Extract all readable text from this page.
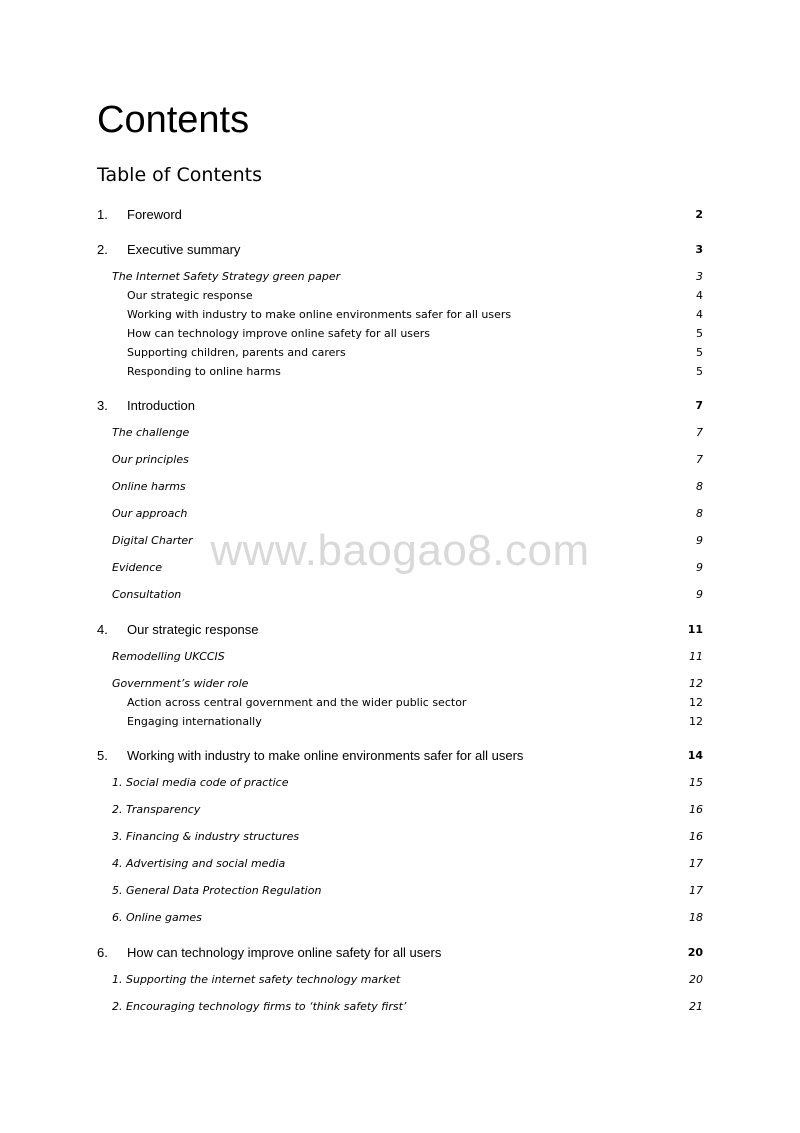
Contents
Table of Contents
1. Foreword	2
2. Executive summary	3
The Internet Safety Strategy green paper	3
Our strategic response	4
Working with industry to make online environments safer for all users	4
How can technology improve online safety for all users	5
Supporting children, parents and carers	5
Responding to online harms	5
3. Introduction	7
The challenge	7
Our principles	7
Online harms	8
Our approach	8
Digital Charter	9
Evidence	9
Consultation	9
4. Our strategic response	11
Remodelling UKCCIS	11
Government’s wider role	12
Action across central government and the wider public sector	12
Engaging internationally	12
5. Working with industry to make online environments safer for all users	14
1. Social media code of practice	15
2. Transparency	16
3. Financing & industry structures	16
4. Advertising and social media	17
5. General Data Protection Regulation	17
6. Online games	18
6. How can technology improve online safety for all users	20
1. Supporting the internet safety technology market	20
2. Encouraging technology firms to ‘think safety first’	21
www.baogao8.com
